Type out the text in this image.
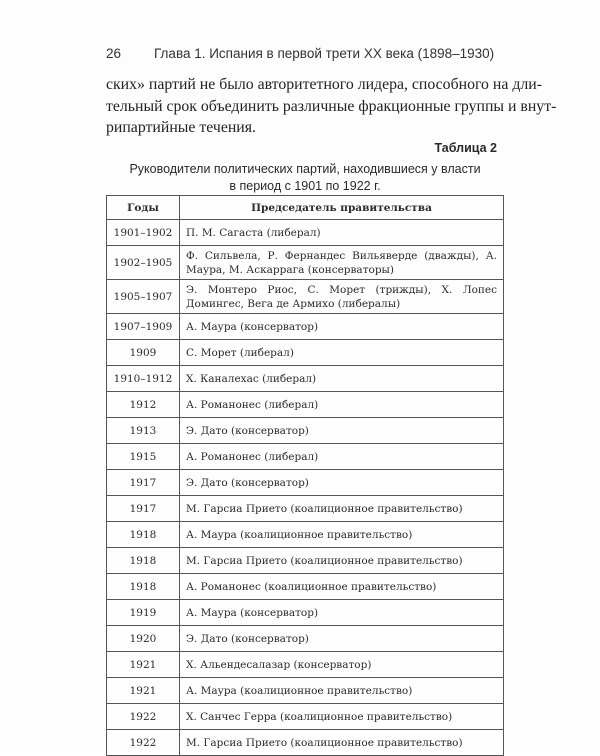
26 Глава 1. Испания в первой трети XX века (1898–1930)
ских» партий не было авторитетного лидера, способного на дли-
тельный срок объединить различные фракционные группы и внут-
рипартийные течения.
Таблица 2
Руководители политических партий, находившиеся у власти
в период с 1901 по 1922 г.
Годы	Председатель правительства
1901–1902	П. М. Сагаста (либерал)
1902–1905	Ф. Сильвела, Р. Фернандес Вильяверде (дважды), А. Маура, М. Аскаррага (консерваторы)
1905–1907	Э. Монтеро Риос, С. Морет (трижды), Х. Лопес Домингес, Вега де Армихо (либералы)
1907–1909	А. Маура (консерватор)
1909	С. Морет (либерал)
1910–1912	Х. Каналехас (либерал)
1912	А. Романонес (либерал)
1913	Э. Дато (консерватор)
1915	А. Романонес (либерал)
1917	Э. Дато (консерватор)
1917	М. Гарсиа Прието (коалиционное правительство)
1918	А. Маура (коалиционное правительство)
1918	М. Гарсиа Прието (коалиционное правительство)
1918	А. Романонес (коалиционное правительство)
1919	А. Маура (консерватор)
1920	Э. Дато (консерватор)
1921	Х. Альендесалазар (консерватор)
1921	А. Маура (коалиционное правительство)
1922	Х. Санчес Герра (коалиционное правительство)
1922	М. Гарсиа Прието (коалиционное правительство)
